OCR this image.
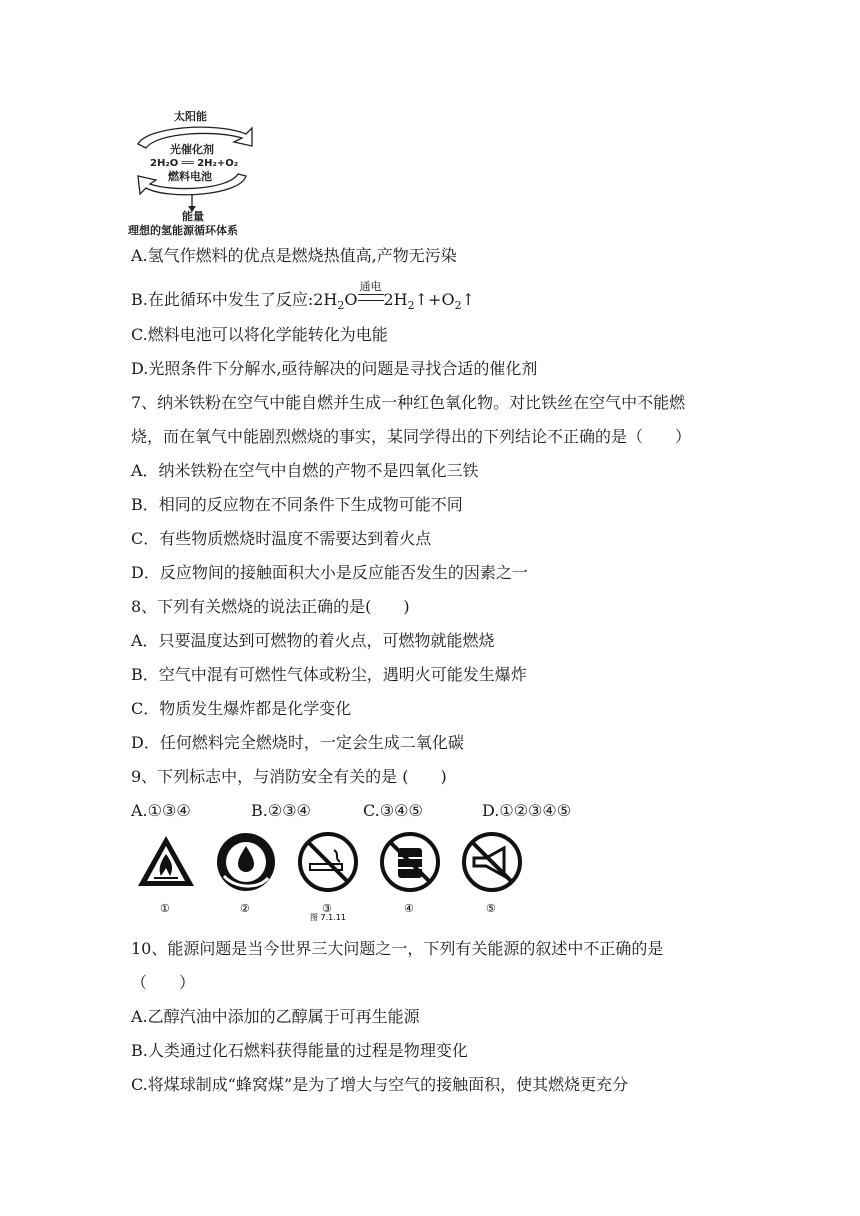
太阳能
光催化剂
2H₂O ══ 2H₂+O₂
燃料电池
能量
理想的氢能源循环体系
A.氢气作燃料的优点是燃烧热值高,产物无污染
B.在此循环中发生了反应$:2H_2O$
通电
$2H_2↑+O_2↑$
C.燃料电池可以将化学能转化为电能
D.光照条件下分解水,亟待解决的问题是寻找合适的催化剂
7、纳米铁粉在空气中能自燃并生成一种红色氧化物。对比铁丝在空气中不能燃
烧，而在氧气中能剧烈燃烧的事实，某同学得出的下列结论不正确的是（　　）
A．纳米铁粉在空气中自燃的产物不是四氧化三铁
B．相同的反应物在不同条件下生成物可能不同
C．有些物质燃烧时温度不需要达到着火点
D．反应物间的接触面积大小是反应能否发生的因素之一
8、下列有关燃烧的说法正确的是(　　)
A．只要温度达到可燃物的着火点，可燃物就能燃烧
B．空气中混有可燃性气体或粉尘，遇明火可能发生爆炸
C．物质发生爆炸都是化学变化
D．任何燃料完全燃烧时，一定会生成二氧化碳
9、下列标志中，与消防安全有关的是 (　　)
A.①③④	B.②③④	C.③④⑤	D.①②③④⑤
①	②	③	④	⑤
图 7.1.11
10、能源问题是当今世界三大问题之一，下列有关能源的叙述中不正确的是
（　　）
A.乙醇汽油中添加的乙醇属于可再生能源
B.人类通过化石燃料获得能量的过程是物理变化
C.将煤球制成“蜂窝煤”是为了增大与空气的接触面积，使其燃烧更充分
